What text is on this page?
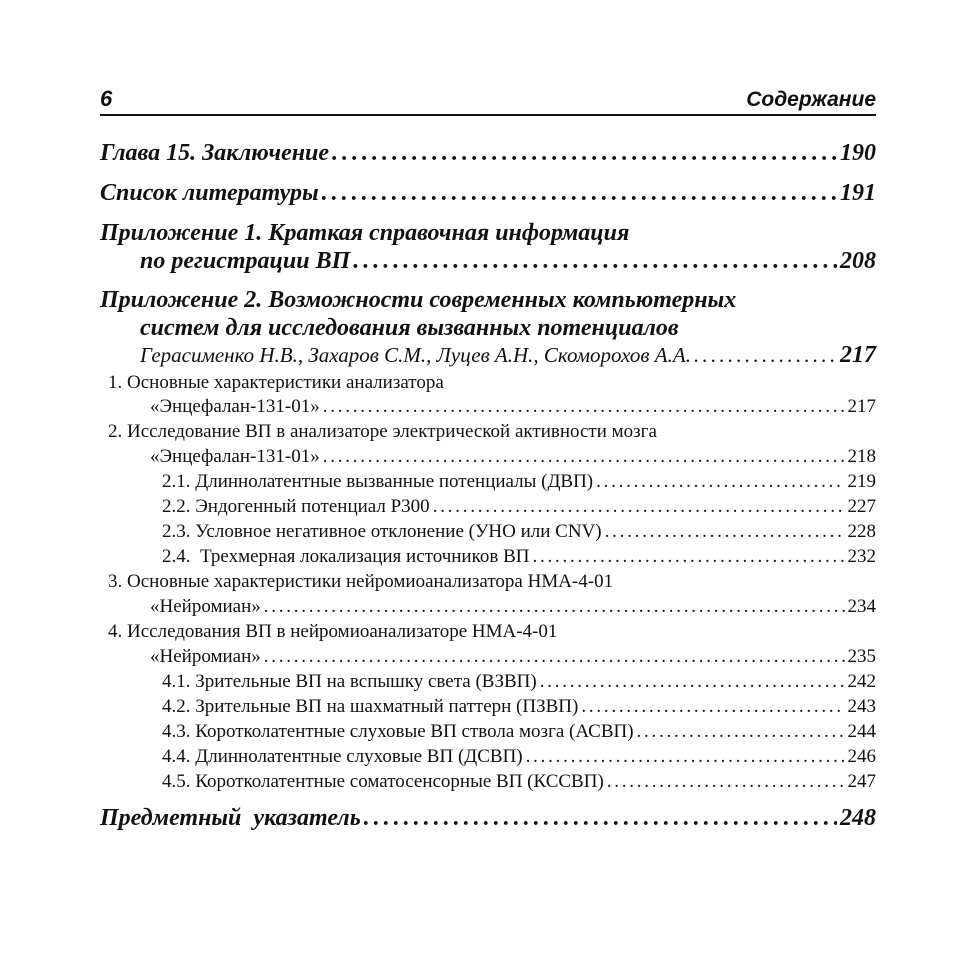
6	Содержание
Глава 15. Заключение . . .	190
Список литературы . . .	191
Приложение 1. Краткая справочная информация
по регистрации ВП . . .	208
Приложение 2. Возможности современных компьютерных
систем для исследования вызванных потенциалов
Герасименко Н.В., Захаров С.М., Луцев А.Н., Скоморохов А.А. . . .	217
1. Основные характеристики анализатора
«Энцефалан-131-01» . . .	217
2. Исследование ВП в анализаторе электрической активности мозга
«Энцефалан-131-01» . . .	218
2.1. Длиннолатентные вызванные потенциалы (ДВП) . . .	219
2.2. Эндогенный потенциал Р300 . . .	227
2.3. Условное негативное отклонение (УНО или CNV) . . .	228
2.4.  Трехмерная локализация источников ВП . . .	232
3. Основные характеристики нейромиоанализатора НМА-4-01
«Нейромиан» . . .	234
4. Исследования ВП в нейромиоанализаторе НМА-4-01
«Нейромиан» . . .	235
4.1. Зрительные ВП на вспышку света (ВЗВП) . . .	242
4.2. Зрительные ВП на шахматный паттерн (ПЗВП) . . .	243
4.3. Коротколатентные слуховые ВП ствола мозга (АСВП) . . .	244
4.4. Длиннолатентные слуховые ВП (ДСВП) . . .	246
4.5. Коротколатентные соматосенсорные ВП (КССВП) . . .	247
Предметный  указатель . . .	248
